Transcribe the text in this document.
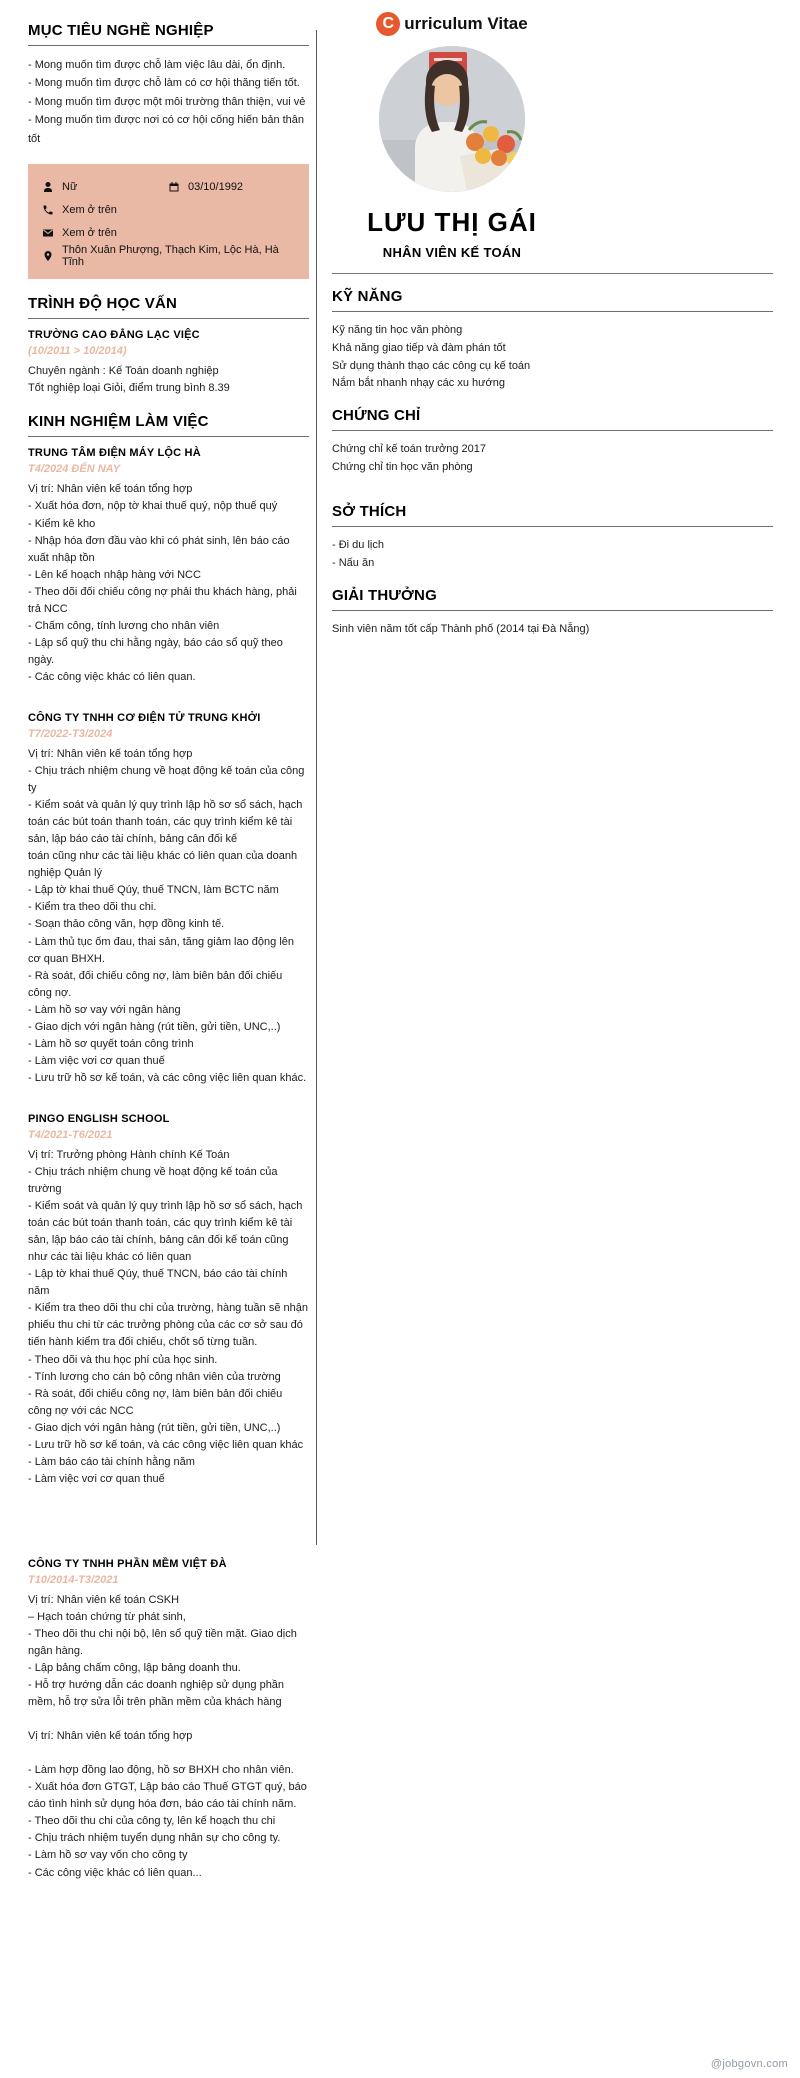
MỤC TIÊU NGHỀ NGHIỆP
- Mong muốn tìm được chỗ làm việc lâu dài, ổn định.
- Mong muốn tìm được chỗ làm có cơ hội thăng tiến tốt.
- Mong muốn tìm được một môi trường thân thiện, vui vẻ
- Mong muốn tìm được nơi có cơ hội cống hiến bản thân tốt
Nữ	03/10/1992
Xem ở trên
Xem ở trên
Thôn Xuân Phượng, Thạch Kim, Lộc Hà, Hà Tĩnh
TRÌNH ĐỘ HỌC VẤN
TRƯỜNG CAO ĐẲNG LẠC VIỆC
(10/2011 > 10/2014)
Chuyên ngành : Kế Toán doanh nghiệp
Tốt nghiệp loại Giỏi, điểm trung bình 8.39
KINH NGHIỆM LÀM VIỆC
TRUNG TÂM ĐIỆN MÁY LỘC HÀ
T4/2024 ĐẾN NAY
Vị trí: Nhân viên kế toán tổng hợp
- Xuất hóa đơn, nộp tờ khai thuế quý, nộp thuế quý
- Kiểm kê kho
- Nhập hóa đơn đầu vào khi có phát sinh, lên báo cáo xuất nhập tồn
- Lên kế hoạch nhập hàng với NCC
- Theo dõi đối chiếu công nợ phải thu khách hàng, phải trả NCC
- Chấm công, tính lương cho nhân viên
- Lập sổ quỹ thu chi hằng ngày, báo cáo sổ quỹ theo ngày.
- Các công việc khác có liên quan.
CÔNG TY TNHH CƠ ĐIỆN TỬ TRUNG KHỞI
T7/2022-T3/2024
Vị trí: Nhân viên kế toán tổng hợp
- Chịu trách nhiệm chung về hoạt động kế toán của công ty
- Kiểm soát và quản lý quy trình lập hồ sơ sổ sách, hạch toán các bút toán thanh toán, các quy trình kiểm kê tài sản, lập báo cáo tài chính, bảng cân đối kế
toán cũng như các tài liệu khác có liên quan của doanh nghiệp Quản lý
- Lập tờ khai thuế Qúy, thuế TNCN, làm BCTC năm
- Kiểm tra theo dõi thu chi.
- Soạn thảo công văn, hợp đồng kinh tế.
- Làm thủ tục ốm đau, thai sản, tăng giảm lao động lên cơ quan BHXH.
- Rà soát, đối chiếu công nợ, làm biên bản đối chiếu công nợ.
- Làm hồ sơ vay với ngân hàng
- Giao dịch với ngân hàng (rút tiền, gửi tiền, UNC,..)
- Làm hồ sơ quyết toán công trình
- Làm việc vơi cơ quan thuế
- Lưu trữ hồ sơ kế toán, và các công việc liên quan khác.
PINGO ENGLISH SCHOOL
T4/2021-T6/2021
Vị trí: Trưởng phòng Hành chính Kế Toán
- Chịu trách nhiệm chung về hoạt động kế toán của trường
- Kiểm soát và quản lý quy trình lập hồ sơ sổ sách, hạch toán các bút toán thanh toán, các quy trình kiểm kê tài sản, lập báo cáo tài chính, bảng cân đối kế toán cũng như các tài liệu khác có liên quan
- Lập tờ khai thuế Qúy, thuế TNCN, báo cáo tài chính năm
- Kiểm tra theo dõi thu chi của trường, hàng tuần sẽ nhận phiếu thu chi từ các trưởng phòng của các cơ sở sau đó tiến hành kiểm tra đối chiếu, chốt số từng tuần.
- Theo dõi và thu học phí của học sinh.
- Tính lương cho cán bộ công nhân viên của trường
- Rà soát, đối chiếu công nợ, làm biên bản đối chiếu công nợ với các NCC
- Giao dịch với ngân hàng (rút tiền, gửi tiền, UNC,..)
- Lưu trữ hồ sơ kế toán, và các công việc liên quan khác
- Làm báo cáo tài chính hằng năm
- Làm việc vơi cơ quan thuế
CÔNG TY TNHH PHẦN MỀM VIỆT ĐÀ
T10/2014-T3/2021
Vị trí: Nhân viên kế toán CSKH
– Hạch toán chứng từ phát sinh,
- Theo dõi thu chi nội bộ, lên sổ quỹ tiền mặt. Giao dịch ngân hàng.
- Lập bảng chấm công, lập bảng doanh thu.
- Hỗ trợ hướng dẫn các doanh nghiệp sử dụng phần mềm, hỗ trợ sửa lỗi trên phần mềm của khách hàng
Vị trí: Nhân viên kế toán tổng hợp
- Làm hợp đồng lao động, hồ sơ BHXH cho nhân viên.
- Xuất hóa đơn GTGT, Lập báo cáo Thuế GTGT quý, báo cáo tình hình sử dụng hóa đơn, báo cáo tài chính năm.
- Theo dõi thu chi của công ty, lên kế hoạch thu chi
- Chịu trách nhiệm tuyển dụng nhân sự cho công ty.
- Làm hồ sơ vay vốn cho công ty
- Các công việc khác có liên quan...
C urriculum Vitae
LƯU THỊ GÁI
NHÂN VIÊN KẾ TOÁN
KỸ NĂNG
Kỹ năng tin học văn phòng
Khả năng giao tiếp và đàm phán tốt
Sử dụng thành thạo các công cụ kế toán
Nắm bắt nhanh nhạy các xu hướng
CHỨNG CHỈ
Chứng chỉ kế toán trưởng 2017
Chứng chỉ tin học văn phòng
SỞ THÍCH
- Đi du lịch
- Nấu ăn
GIẢI THƯỞNG
Sinh viên năm tốt cấp Thành phố (2014 tại Đà Nẵng)
@jobgovn.com
